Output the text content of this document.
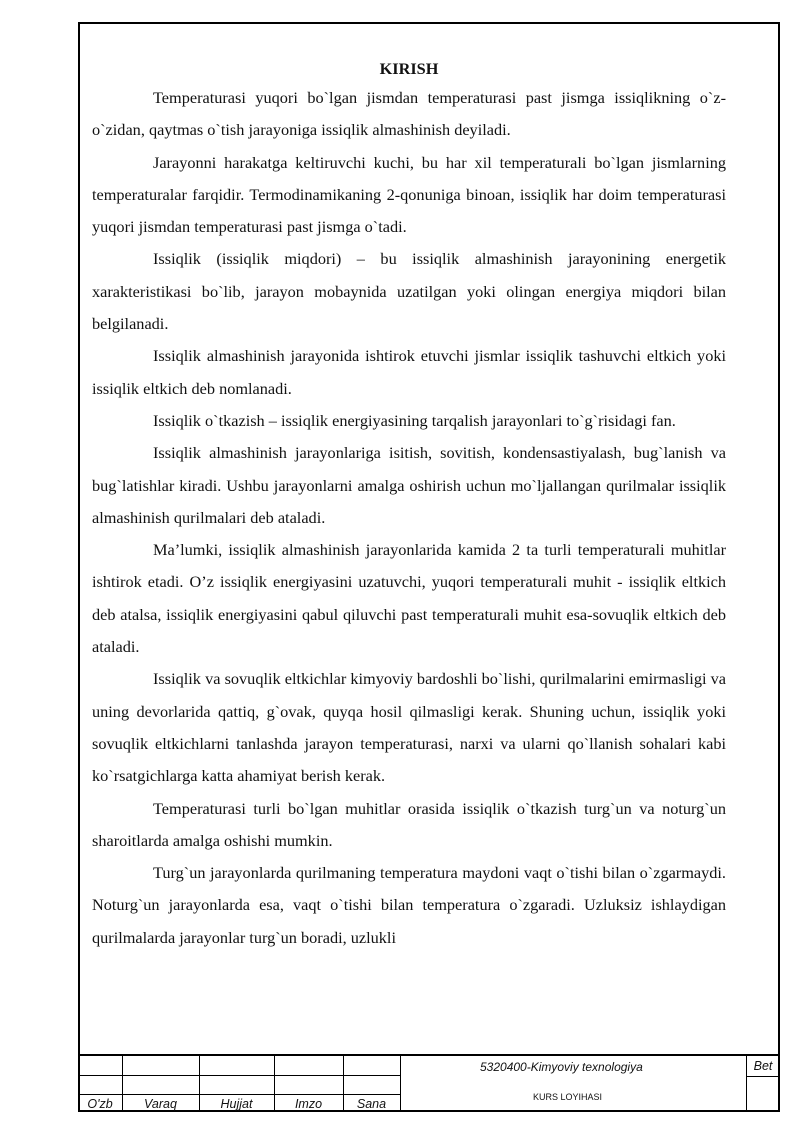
KIRISH

Temperaturasi yuqori bo`lgan jismdan temperaturasi past jismga issiqlikning o`z-o`zidan, qaytmas o`tish jarayoniga issiqlik almashinish deyiladi.

Jarayonni harakatga keltiruvchi kuchi, bu har xil temperaturali bo`lgan jismlarning temperaturalar farqidir. Termodinamikaning 2-qonuniga binoan, issiqlik har doim temperaturasi yuqori jismdan temperaturasi past jismga o`tadi.

Issiqlik (issiqlik miqdori) – bu issiqlik almashinish jarayonining energetik xarakteristikasi bo`lib, jarayon mobaynida uzatilgan yoki olingan energiya miqdori bilan belgilanadi.

Issiqlik almashinish jarayonida ishtirok etuvchi jismlar issiqlik tashuvchi eltkich yoki issiqlik eltkich deb nomlanadi.

Issiqlik o`tkazish – issiqlik energiyasining tarqalish jarayonlari to`g`risidagi fan.

Issiqlik almashinish jarayonlariga isitish, sovitish, kondensastiyalash, bug`lanish va bug`latishlar kiradi. Ushbu jarayonlarni amalga oshirish uchun mo`ljallangan qurilmalar issiqlik almashinish qurilmalari deb ataladi.

Ma’lumki, issiqlik almashinish jarayonlarida kamida 2 ta turli temperaturali muhitlar ishtirok etadi. O’z issiqlik energiyasini uzatuvchi, yuqori temperaturali muhit - issiqlik eltkich deb atalsa, issiqlik energiyasini qabul qiluvchi past temperaturali muhit esa-sovuqlik eltkich deb ataladi.

Issiqlik va sovuqlik eltkichlar kimyoviy bardoshli bo`lishi, qurilmalarini emirmasligi va uning devorlarida qattiq, g`ovak, quyqa hosil qilmasligi kerak. Shuning uchun, issiqlik yoki sovuqlik eltkichlarni tanlashda jarayon temperaturasi, narxi va ularni qo`llanish sohalari kabi ko`rsatgichlarga katta ahamiyat berish kerak.

Temperaturasi turli bo`lgan muhitlar orasida issiqlik o`tkazish turg`un va noturg`un sharoitlarda amalga oshishi mumkin.

Turg`un jarayonlarda qurilmaning temperatura maydoni vaqt o`tishi bilan o`zgarmaydi. Noturg`un jarayonlarda esa, vaqt o`tishi bilan temperatura o`zgaradi. Uzluksiz ishlaydigan qurilmalarda jarayonlar turg`un boradi, uzlukli

O'zb	Varaq	Hujjat	Imzo	Sana
5320400-Kimyoviy texnologiya
KURS LOYIHASI
Bet
